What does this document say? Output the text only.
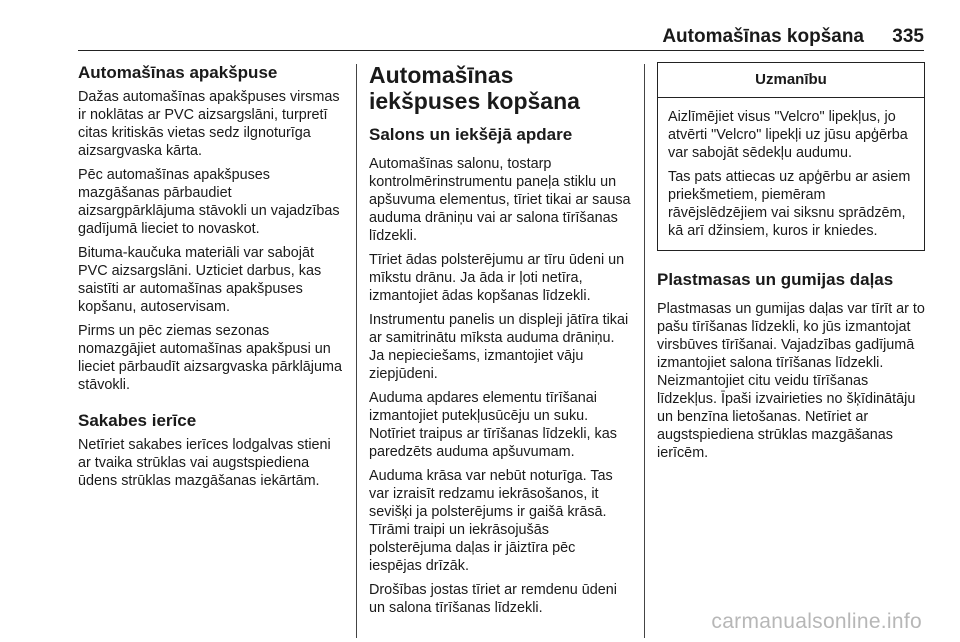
Automašīnas kopšana 335
Automašīnas apakšpuse

Dažas automašīnas apakšpuses virsmas ir noklātas ar PVC aizsargslāni, turpretī citas kritiskās vietas sedz ilgnoturīga aizsargvaska kārta.

Pēc automašīnas apakšpuses mazgāšanas pārbaudiet aizsargpārklājuma stāvokli un vajadzības gadījumā lieciet to novaskot.

Bituma-kaučuka materiāli var sabojāt PVC aizsargslāni. Uzticiet darbus, kas saistīti ar automašīnas apakšpuses kopšanu, autoservisam.

Pirms un pēc ziemas sezonas nomazgājiet automašīnas apakšpusi un lieciet pārbaudīt aizsargvaska pārklājuma stāvokli.

Sakabes ierīce

Netīriet sakabes ierīces lodgalvas stieni ar tvaika strūklas vai augstspiediena ūdens strūklas mazgāšanas iekārtām.

Automašīnas iekšpuses kopšana
Salons un iekšējā apdare

Automašīnas salonu, tostarp kontrolmērinstrumentu paneļa stiklu un apšuvuma elementus, tīriet tikai ar sausa auduma drāniņu vai ar salona tīrīšanas līdzekli.

Tīriet ādas polsterējumu ar tīru ūdeni un mīkstu drānu. Ja āda ir ļoti netīra, izmantojiet ādas kopšanas līdzekli.

Instrumentu panelis un displeji jātīra tikai ar samitrinātu mīksta auduma drāniņu. Ja nepieciešams, izmantojiet vāju ziepjūdeni.

Auduma apdares elementu tīrīšanai izmantojiet putekļusūcēju un suku. Notīriet traipus ar tīrīšanas līdzekli, kas paredzēts auduma apšuvumam.

Auduma krāsa var nebūt noturīga. Tas var izraisīt redzamu iekrāsošanos, it sevišķi ja polsterējums ir gaišā krāsā. Tīrāmi traipi un iekrāsojušās polsterējuma daļas ir jāiztīra pēc iespējas drīzāk.

Drošības jostas tīriet ar remdenu ūdeni un salona tīrīšanas līdzekli.

Uzmanību

Aizlīmējiet visus "Velcro" lipekļus, jo atvērti "Velcro" lipekļi uz jūsu apģērba var sabojāt sēdekļu audumu.

Tas pats attiecas uz apģērbu ar asiem priekšmetiem, piemēram rāvējslēdzējiem vai siksnu sprādzēm, kā arī džinsiem, kuros ir kniedes.

Plastmasas un gumijas daļas

Plastmasas un gumijas daļas var tīrīt ar to pašu tīrīšanas līdzekli, ko jūs izmantojat virsbūves tīrīšanai. Vajadzības gadījumā izmantojiet salona tīrīšanas līdzekli. Neizmantojiet citu veidu tīrīšanas līdzekļus. Īpaši izvairieties no šķīdinātāju un benzīna lietošanas. Netīriet ar augstspiediena strūklas mazgāšanas ierīcēm.

carmanualsonline.info
